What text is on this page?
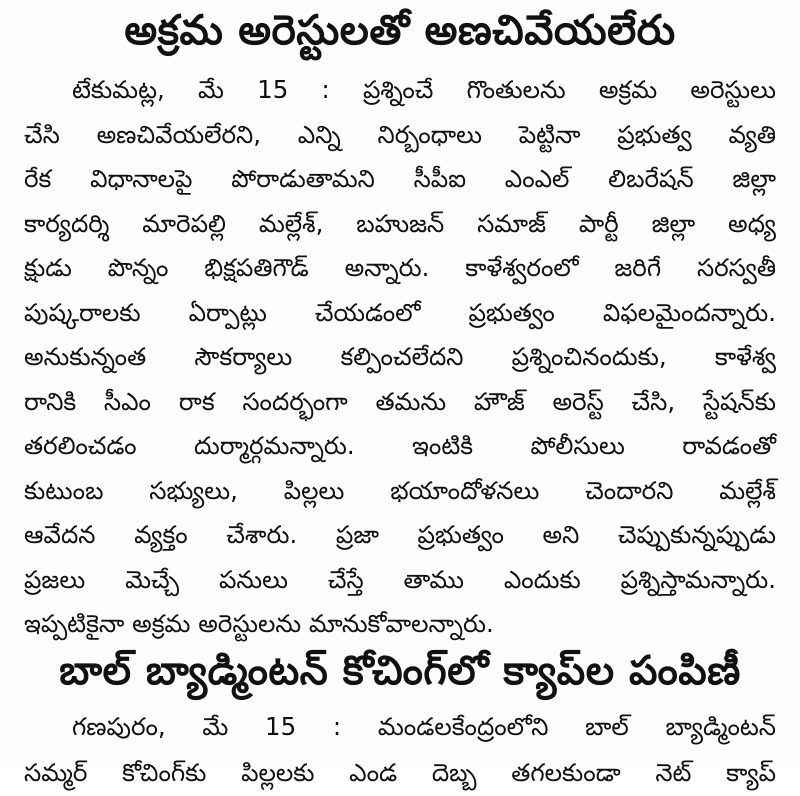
అక్రమ అరెస్టులతో అణచివేయలేరు
టేకుమట్ల, మే 15 : ప్రశ్నించే గొంతులను అక్రమ అరెస్టులు
చేసి అణచివేయలేరని, ఎన్ని నిర్బంధాలు పెట్టినా ప్రభుత్వ వ్యతి
రేక విధానాలపై పోరాడుతామని సీపీఐ ఎంఎల్ లిబరేషన్ జిల్లా
కార్యదర్శి మారెపల్లి మల్లేశ్, బహుజన్ సమాజ్ పార్టీ జిల్లా అధ్య
క్షుడు పొన్నం భిక్షపతిగౌడ్ అన్నారు. కాళేశ్వరంలో జరిగే సరస్వతీ
పుష్కరాలకు ఏర్పాట్లు చేయడంలో ప్రభుత్వం విఫలమైందన్నారు.
అనుకున్నంత సౌకర్యాలు కల్పించలేదని ప్రశ్నించినందుకు, కాళేశ్వ
రానికి సీఎం రాక సందర్భంగా తమను హౌజ్ అరెస్ట్ చేసి, స్టేషన్‌కు
తరలించడం దుర్మార్గమన్నారు. ఇంటికి పోలీసులు రావడంతో
కుటుంబ సభ్యులు, పిల్లలు భయాందోళనలు చెందారని మల్లేశ్
ఆవేదన వ్యక్తం చేశారు. ప్రజా ప్రభుత్వం అని చెప్పుకున్నప్పుడు
ప్రజలు మెచ్చే పనులు చేస్తే తాము ఎందుకు ప్రశ్నిస్తామన్నారు.
ఇప్పటికైనా అక్రమ అరెస్టులను మానుకోవాలన్నారు.
బాల్ బ్యాడ్మింటన్ కోచింగ్‌లో క్యాప్‌ల పంపిణీ
గణపురం, మే 15 : మండలకేంద్రంలోని బాల్ బ్యాడ్మింటన్
సమ్మర్ కోచింగ్‌కు పిల్లలకు ఎండ దెబ్బ తగలకుండా నెట్ క్యాప్
